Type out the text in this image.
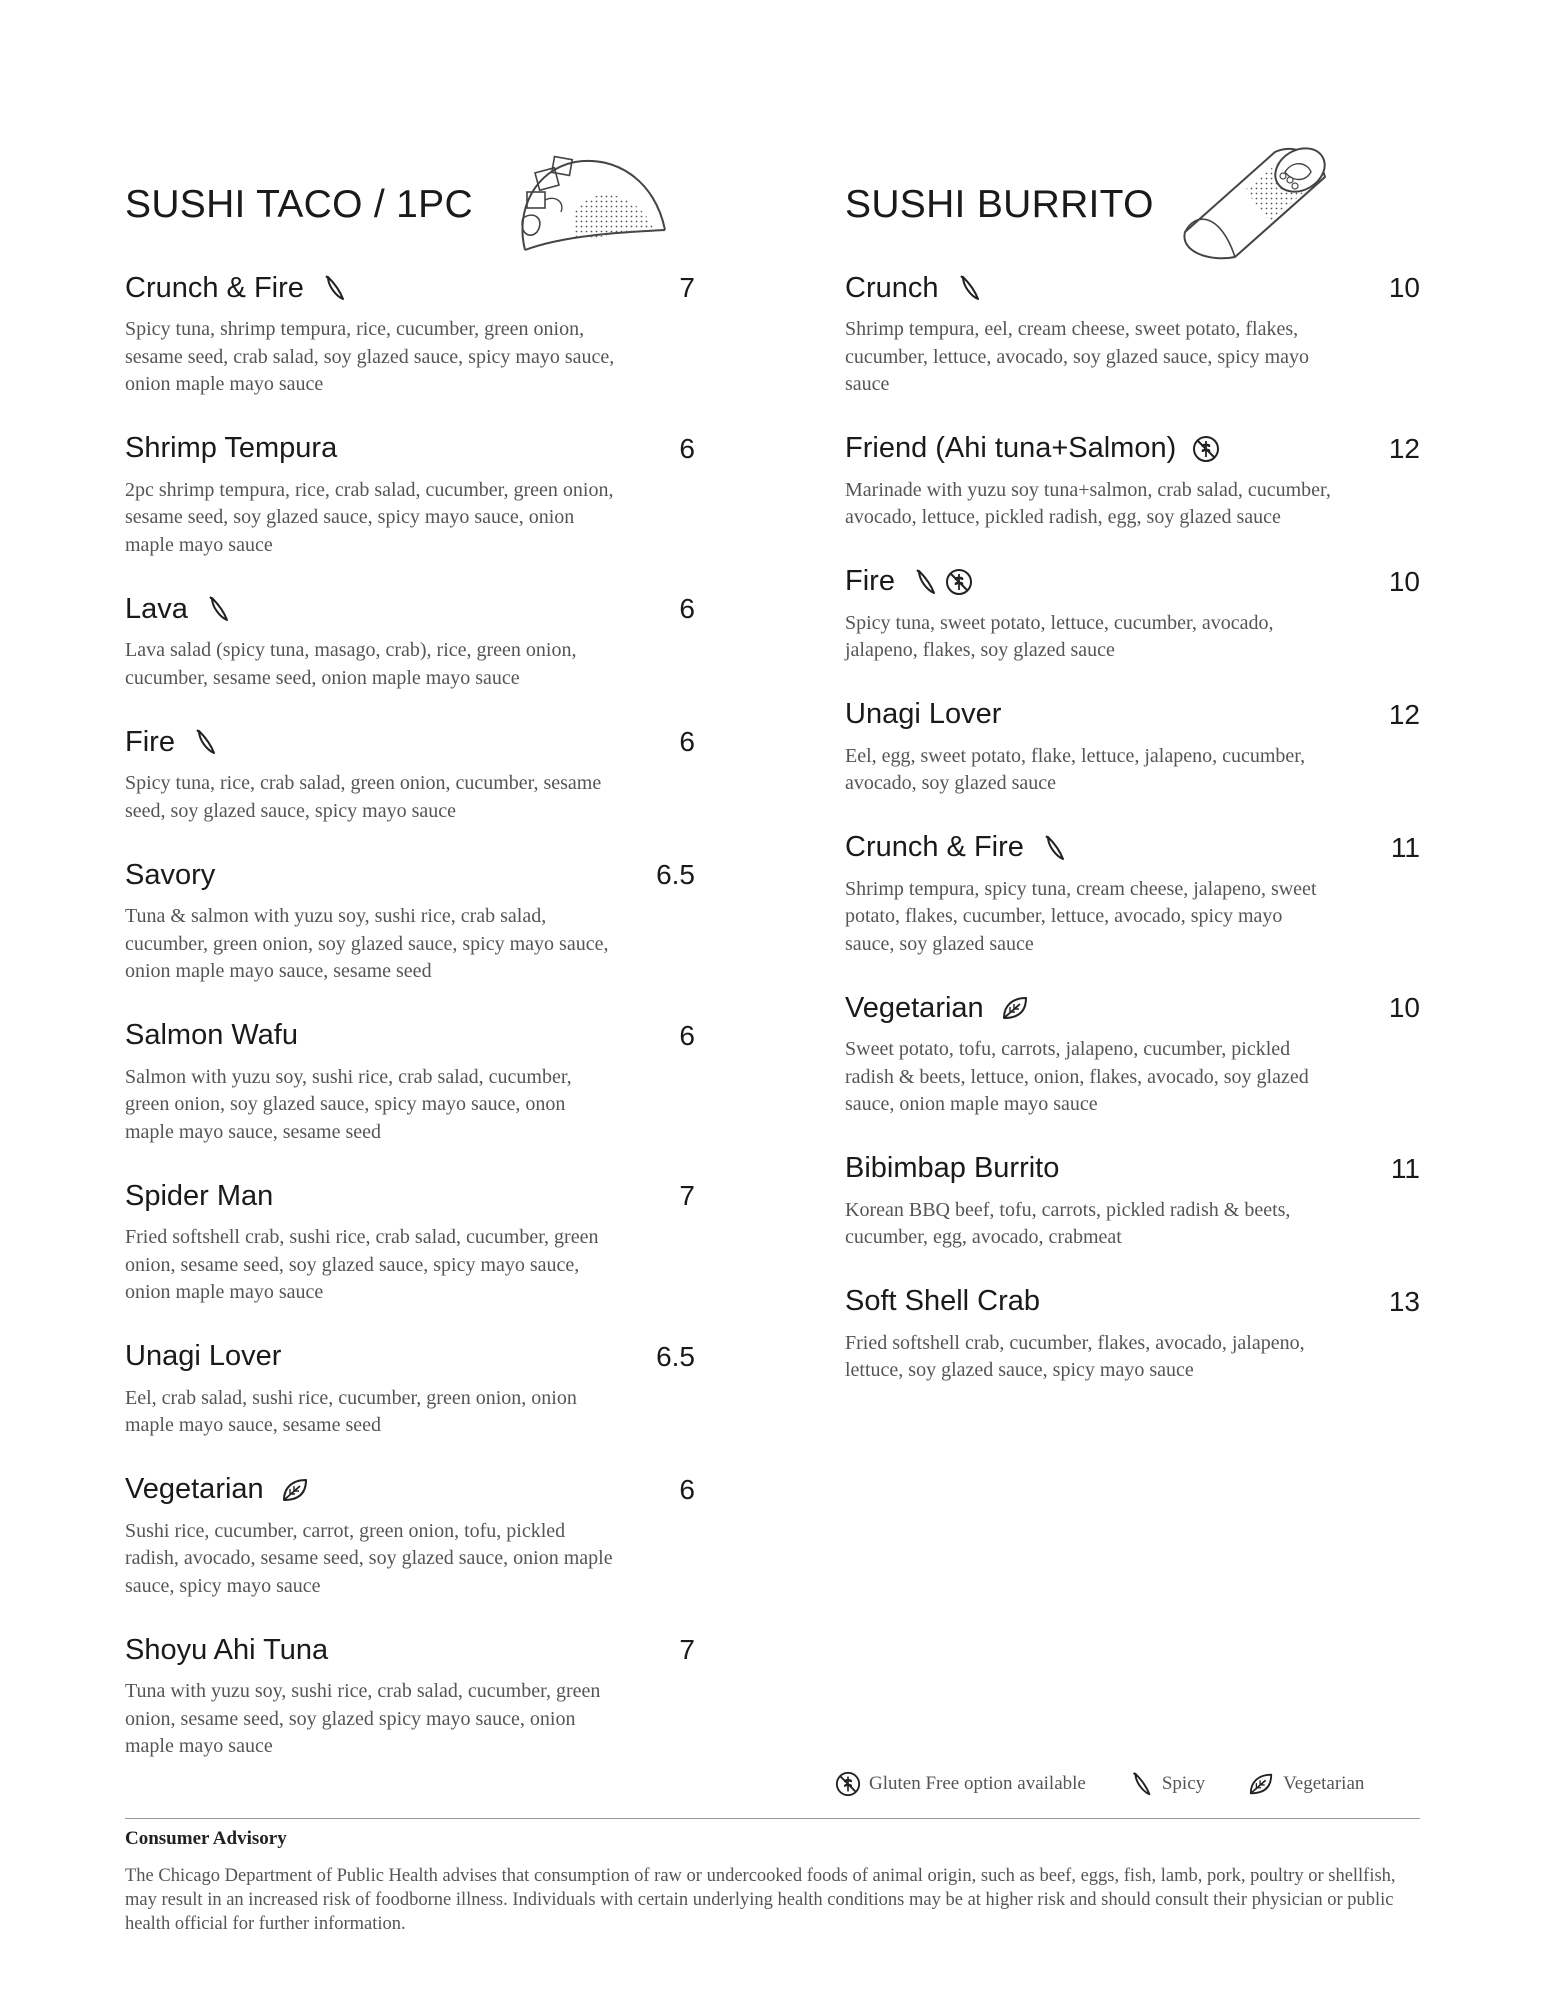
SUSHI TACO / 1PC
Crunch & Fire	7
Spicy tuna, shrimp tempura, rice, cucumber, green onion, sesame seed, crab salad, soy glazed sauce, spicy mayo sauce, onion maple mayo sauce
Shrimp Tempura	6
2pc shrimp tempura, rice, crab salad, cucumber, green onion, sesame seed, soy glazed sauce, spicy mayo sauce, onion maple mayo sauce
Lava	6
Lava salad (spicy tuna, masago, crab), rice, green onion, cucumber, sesame seed, onion maple mayo sauce
Fire	6
Spicy tuna, rice, crab salad, green onion, cucumber, sesame seed, soy glazed sauce, spicy mayo sauce
Savory	6.5
Tuna & salmon with yuzu soy, sushi rice, crab salad, cucumber, green onion, soy glazed sauce, spicy mayo sauce, onion maple mayo sauce, sesame seed
Salmon Wafu	6
Salmon with yuzu soy, sushi rice, crab salad, cucumber, green onion, soy glazed sauce, spicy mayo sauce, onon maple mayo sauce, sesame seed
Spider Man	7
Fried softshell crab, sushi rice, crab salad, cucumber, green onion, sesame seed, soy glazed sauce, spicy mayo sauce, onion maple mayo sauce
Unagi Lover	6.5
Eel, crab salad, sushi rice, cucumber, green onion, onion maple mayo sauce, sesame seed
Vegetarian	6
Sushi rice, cucumber, carrot, green onion, tofu, pickled radish, avocado, sesame seed, soy glazed sauce, onion maple sauce, spicy mayo sauce
Shoyu Ahi Tuna	7
Tuna with yuzu soy, sushi rice, crab salad, cucumber, green onion, sesame seed, soy glazed spicy mayo sauce, onion maple mayo sauce
SUSHI BURRITO
Crunch	10
Shrimp tempura, eel, cream cheese, sweet potato, flakes, cucumber, lettuce, avocado, soy glazed sauce, spicy mayo sauce
Friend (Ahi tuna+Salmon)	12
Marinade with yuzu soy tuna+salmon, crab salad, cucumber, avocado, lettuce, pickled radish, egg, soy glazed sauce
Fire	10
Spicy tuna, sweet potato, lettuce, cucumber, avocado, jalapeno, flakes, soy glazed sauce
Unagi Lover	12
Eel, egg, sweet potato, flake, lettuce, jalapeno, cucumber, avocado, soy glazed sauce
Crunch & Fire	11
Shrimp tempura, spicy tuna, cream cheese, jalapeno, sweet potato, flakes, cucumber, lettuce, avocado, spicy mayo sauce, soy glazed sauce
Vegetarian	10
Sweet potato, tofu, carrots, jalapeno, cucumber, pickled radish & beets, lettuce, onion, flakes, avocado, soy glazed sauce, onion maple mayo sauce
Bibimbap Burrito	11
Korean BBQ beef, tofu, carrots, pickled radish & beets, cucumber, egg, avocado, crabmeat
Soft Shell Crab	13
Fried softshell crab, cucumber, flakes, avocado, jalapeno, lettuce, soy glazed sauce, spicy mayo sauce
Gluten Free option available	Spicy	Vegetarian

Consumer Advisory

The Chicago Department of Public Health advises that consumption of raw or undercooked foods of animal origin, such as beef, eggs, fish, lamb, pork, poultry or shellfish, may result in an increased risk of foodborne illness. Individuals with certain underlying health conditions may be at higher risk and should consult their physician or public health official for further information.
